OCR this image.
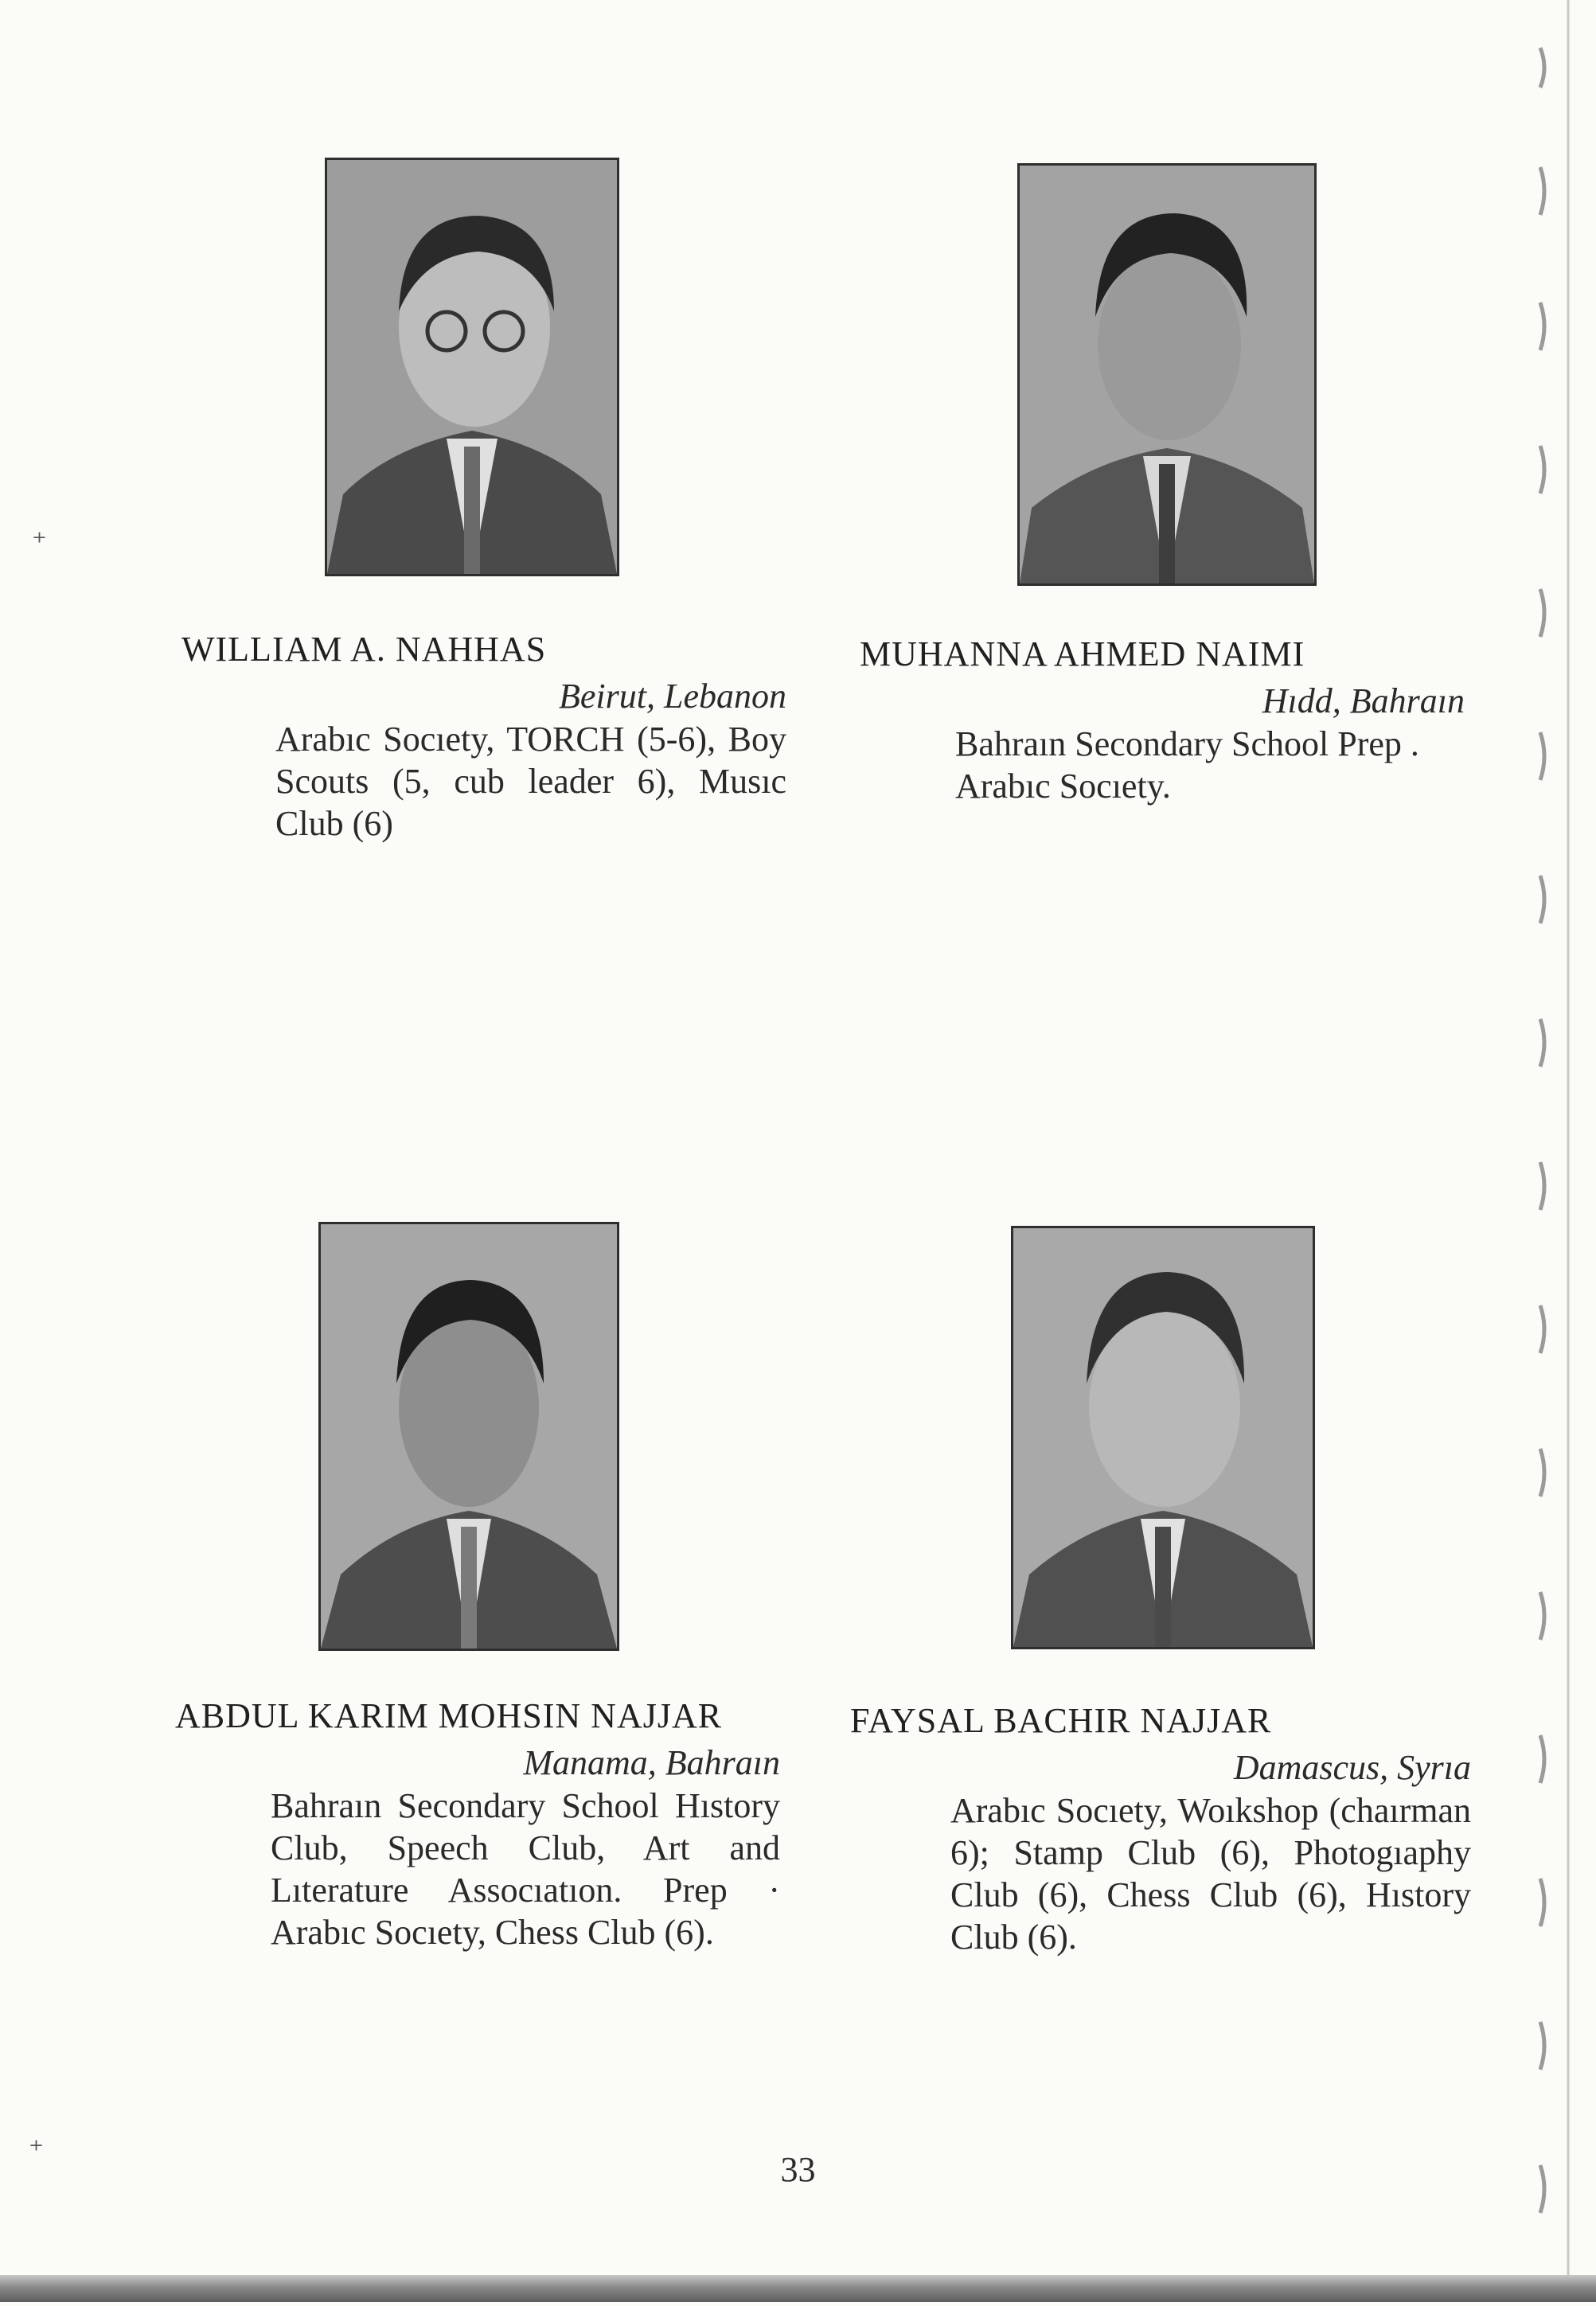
WILLIAM A. NAHHAS
Beirut, Lebanon
Arabıc Socıety, TORCH (5-6), Boy Scouts (5, cub leader 6), Musıc Club (6)
MUHANNA AHMED NAIMI
Hıdd, Bahraın
Bahraın Secondary School Prep . Arabıc Socıety.
ABDUL KARIM MOHSIN NAJJAR
Manama, Bahraın
Bahraın Secondary School Hıstory Club, Speech Club, Art and Lıterature Assocıatıon. Prep · Arabıc Socıety, Chess Club (6).
FAYSAL BACHIR NAJJAR
Damascus, Syrıa
Arabıc Socıety, Woıkshop (chaırman 6); Stamp Club (6), Photogıaphy Club (6), Chess Club (6), Hıstory Club (6).
33
⁺
⁺
